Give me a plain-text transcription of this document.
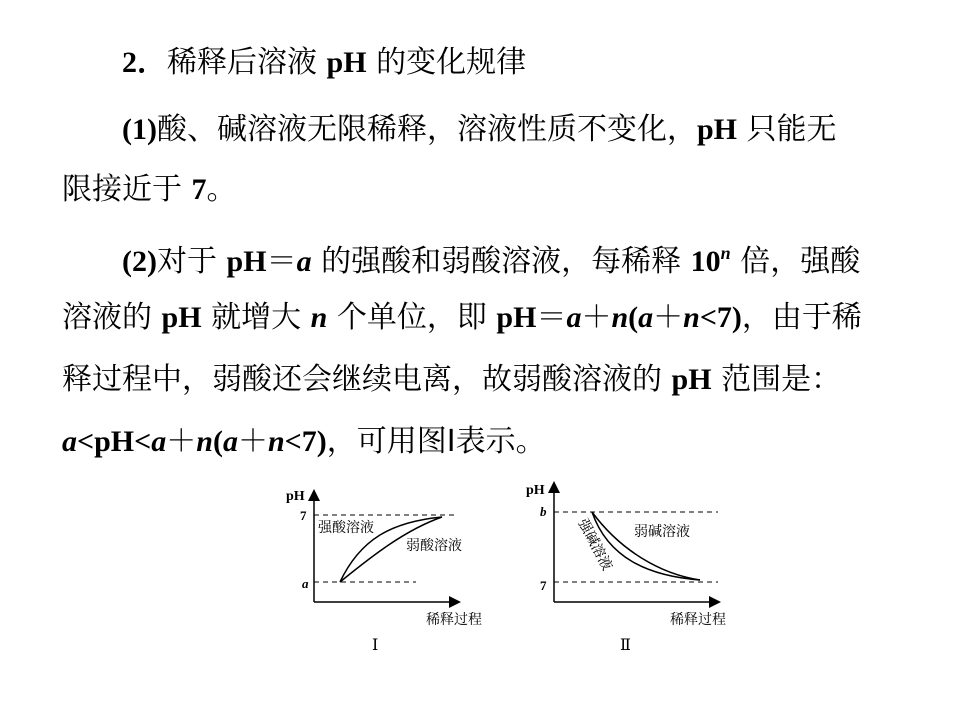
2．稀释后溶液 pH 的变化规律
(1)酸、碱溶液无限稀释，溶液性质不变化，pH 只能无
限接近于 7。
(2)对于 pH＝a 的强酸和弱酸溶液，每稀释 10$^n$ 倍，强酸
溶液的 pH 就增大 n 个单位，即 pH＝a＋n(a＋n<7)，由于稀
释过程中，弱酸还会继续电离，故弱酸溶液的 pH 范围是：
a<pH<a＋n(a＋n<7)，可用图Ⅰ表示。
pH
7
a
强酸溶液
弱酸溶液
稀释过程
Ⅰ
pH
b
7
强碱溶液 弱碱溶液
稀释过程
Ⅱ
